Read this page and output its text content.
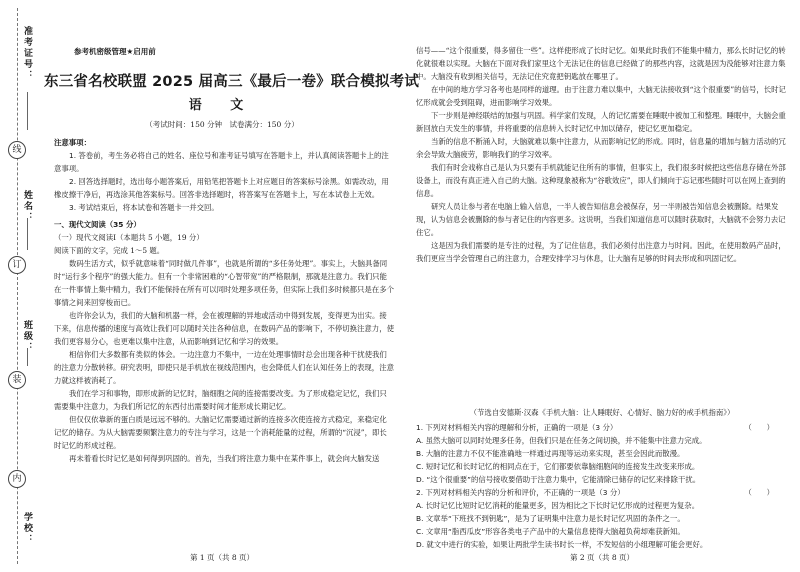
线
订
装
内
准考证号：
姓名：
班级：
学校：
参考机密级管理★启用前
东三省名校联盟 2025 届高三《最后一卷》联合模拟考试
语 文
（考试时间：150 分钟　试卷满分：150 分）

注意事项：

1. 答卷前，考生务必将自己的姓名、座位号和准考证号填写在答题卡上，并认真阅读答题卡上的注意事项。

2. 回答选择题时，选出每小题答案后，用铅笔把答题卡上对应题目的答案标号涂黑。如需改动，用橡皮擦干净后，再选涂其他答案标号。回答非选择题时，将答案写在答题卡上，写在本试卷上无效。

3. 考试结束后，将本试卷和答题卡一并交回。

一、现代文阅读（35 分）

（一）现代文阅读Ⅰ（本题共 5 小题，19 分）

阅读下面的文字，完成 1～5 题。

数码生活方式，似乎就意味着“同时做几件事”，也就是所谓的“多任务处理”。事实上，大脑具备同时“运行多个程序”的强大能力。但有一个非常困难的“心智带宽”的严格限制，那就是注意力。我们只能在一件事情上集中精力，我们不能保持在所有可以同时处理多项任务，但实际上我们多时候都只是在多个事情之间来回穿梭而已。

也许你会认为，我们的大脑和机器一样，会在被理解的异地或活动中得到发展，变得更为出实。接下来，信息传播的速度与高效让我们可以随时关注各种信息，在数码产品的影响下，不停切换注意力，使我们更容易分心，也更难以集中注意，从而影响到记忆和学习的效果。

相信你们大多数都有类似的体会。一边注意力不集中，一边在处理事情时总会出现各种干扰使我们的注意力分散转移。研究表明，即使只是手机放在视线范围内，也会降低人们在认知任务上的表现，注意力就这样被消耗了。

我们在学习和事物，即形成新的记忆时，脑细胞之间的连接需要改变。为了形成稳定记忆，我们只需要集中注意力，为我们所记忆的东西付出需要时间才能形成长期记忆。

但仅仅依靠新的蛋白质是远远不够的。大脑记忆需要通过新的连接多次使连接方式稳定，来稳定化记忆的储存。为从大脑需要频繁注意力的专注与学习，这是一个消耗能量的过程，所谓的“沉浸”，即长时记忆的形成过程。

再未着看长时记忆是如何得到巩固的。首先，当我们将注意力集中在某件事上，就会向大脑发送

第 1 页（共 8 页）

信号——“这个很重要，得多留住一些”。这样使形成了长时记忆。如果此时我们不能集中精力，那么长时记忆的转化就很难以实现。大脑在下面对我们家里这个无法记住的信息已经做了的那些内容，这就是因为没能够对注意力集中。大脑没有收到相关信号，无法记住究竟把钥匙放在哪里了。

在中间的地方学习各考也是同样的道理。由于注意力难以集中，大脑无法接收到“这个很重要”的信号，长时记忆形成就会受到阻碍，进而影响学习效果。

下一步则是神经联结的加强与巩固。科学家们发现，人的记忆需要在睡眠中被加工和整理。睡眠中，大脑会重新回放白天发生的事情，并将重要的信息转入长时记忆中加以储存，使记忆更加稳定。

当新的信息不断涌入时，大脑就难以集中注意力，从而影响记忆的形成。同时，信息量的增加与脑力活动的冗余会导致大脑疲劳，影响我们的学习效率。

我们有时会戏称自己是认为只要有手机就能记住所有的事情，但事实上，我们很多时候把这些信息存储在外部设备上，而没有真正进入自己的大脑。这种现象被称为“谷歌效应”，即人们倾向于忘记那些随时可以在网上查到的信息。

研究人员让参与者在电脑上输入信息，一半人被告知信息会被保存，另一半则被告知信息会被删除。结果发现，认为信息会被删除的参与者记住的内容更多。这说明，当我们知道信息可以随时获取时，大脑就不会努力去记住它。

这是因为我们需要的是专注的过程，为了记住信息，我们必须付出注意力与时间。因此，在使用数码产品时，我们更应当学会管理自己的注意力，合理安排学习与休息，让大脑有足够的时间去形成和巩固记忆。

（节选自安德斯·汉森《手机大脑：让人睡眠好、心情好、脑力好的戒手机指南》）

1. 下列对材料相关内容的理解和分析，正确的一项是（3 分）	（　　）

A. 虽然大脑可以同时处理多任务，但我们只是在任务之间切换，并不能集中注意力完成。

B. 大脑的注意力不仅不能准确地一样通过再现等运动来实现，甚至会因此而散漫。

C. 短时记忆和长时记忆的相同点在于，它们都要依靠脑细胞间的连接发生改变来形成。

D. “这个很重要”的信号接收要借助于注意力集中，它能清除已储存的记忆来排除干扰。

2. 下列对材料相关内容的分析和评价，不正确的一项是（3 分）	（　　）

A. 长时记忆比短时记忆消耗的能量更多，因为相比之下长时记忆形成的过程更为复杂。

B. 文章举“下班找不到钥匙”，是为了证明集中注意力是长时记忆巩固的条件之一。

C. 文章用“脂西瓜皮”形容各类电子产品中的大量信息使得大脑超负荷却难获新知。

D. 就文中进行的实验，如果让两批学生读书时长一样，不发短信的小组理解可能会更好。

第 2 页（共 8 页）
